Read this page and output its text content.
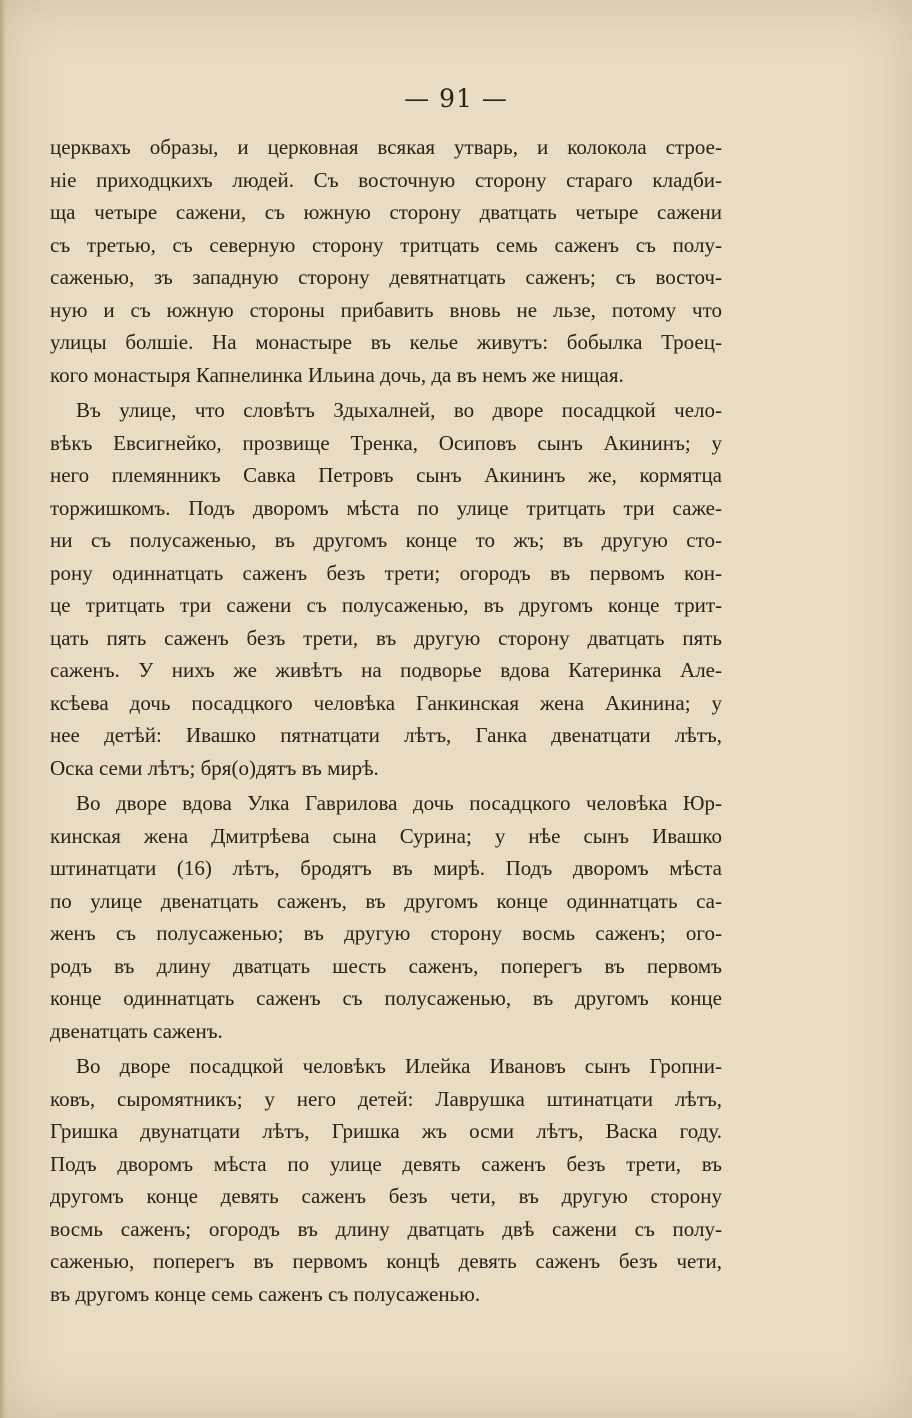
— 91 —
церквахъ образы, и церковная всякая утварь, и колокола строе-
ніе приходцкихъ людей. Съ восточную сторону стараго кладби-
ща четыре сажени, съ южную сторону дватцать четыре сажени
съ третью, съ северную сторону тритцать семь саженъ съ полу-
саженью, зъ западную сторону девятнатцать саженъ; съ восточ-
ную и съ южную стороны прибавить вновь не льзе, потому что
улицы болшіе. На монастыре въ келье живутъ: бобылка Троец-
кого монастыря Капнелинка Ильина дочь, да въ немъ же нищая.
Въ улице, что словѣтъ Здыхалней, во дворе посадцкой чело-
вѣкъ Евсигнейко, прозвище Тренка, Осиповъ сынъ Акининъ; у
него племянникъ Савка Петровъ сынъ Акининъ же, кормятца
торжишкомъ. Подъ дворомъ мѣста по улице тритцать три саже-
ни съ полусаженью, въ другомъ конце то жъ; въ другую сто-
рону одиннатцать саженъ безъ трети; огородъ въ первомъ кон-
це тритцать три сажени съ полусаженью, въ другомъ конце трит-
цать пять саженъ безъ трети, въ другую сторону дватцать пять
саженъ. У нихъ же живѣтъ на подворье вдова Катеринка Але-
ксѣева дочь посадцкого человѣка Ганкинская жена Акинина; у
нее детѣй: Ивашко пятнатцати лѣтъ, Ганка двенатцати лѣтъ,
Оска семи лѣтъ; бря(о)дятъ въ мирѣ.
Во дворе вдова Улка Гаврилова дочь посадцкого человѣка Юр-
кинская жена Дмитрѣева сына Сурина; у нѣе сынъ Ивашко
штинатцати (16) лѣтъ, бродятъ въ мирѣ. Подъ дворомъ мѣста
по улице двенатцать саженъ, въ другомъ конце одиннатцать са-
женъ съ полусаженью; въ другую сторону восмь саженъ; ого-
родъ въ длину дватцать шесть саженъ, поперегъ въ первомъ
конце одиннатцать саженъ съ полусаженью, въ другомъ конце
двенатцать саженъ.
Во дворе посадцкой человѣкъ Илейка Ивановъ сынъ Гропни-
ковъ, сыромятникъ; у него детей: Лаврушка штинатцати лѣтъ,
Гришка двунатцати лѣтъ, Гришка жъ осми лѣтъ, Васка году.
Подъ дворомъ мѣста по улице девять саженъ безъ трети, въ
другомъ конце девять саженъ безъ чети, въ другую сторону
восмь саженъ; огородъ въ длину дватцать двѣ сажени съ полу-
саженью, поперегъ въ первомъ концѣ девять саженъ безъ чети,
въ другомъ конце семь саженъ съ полусаженью.
